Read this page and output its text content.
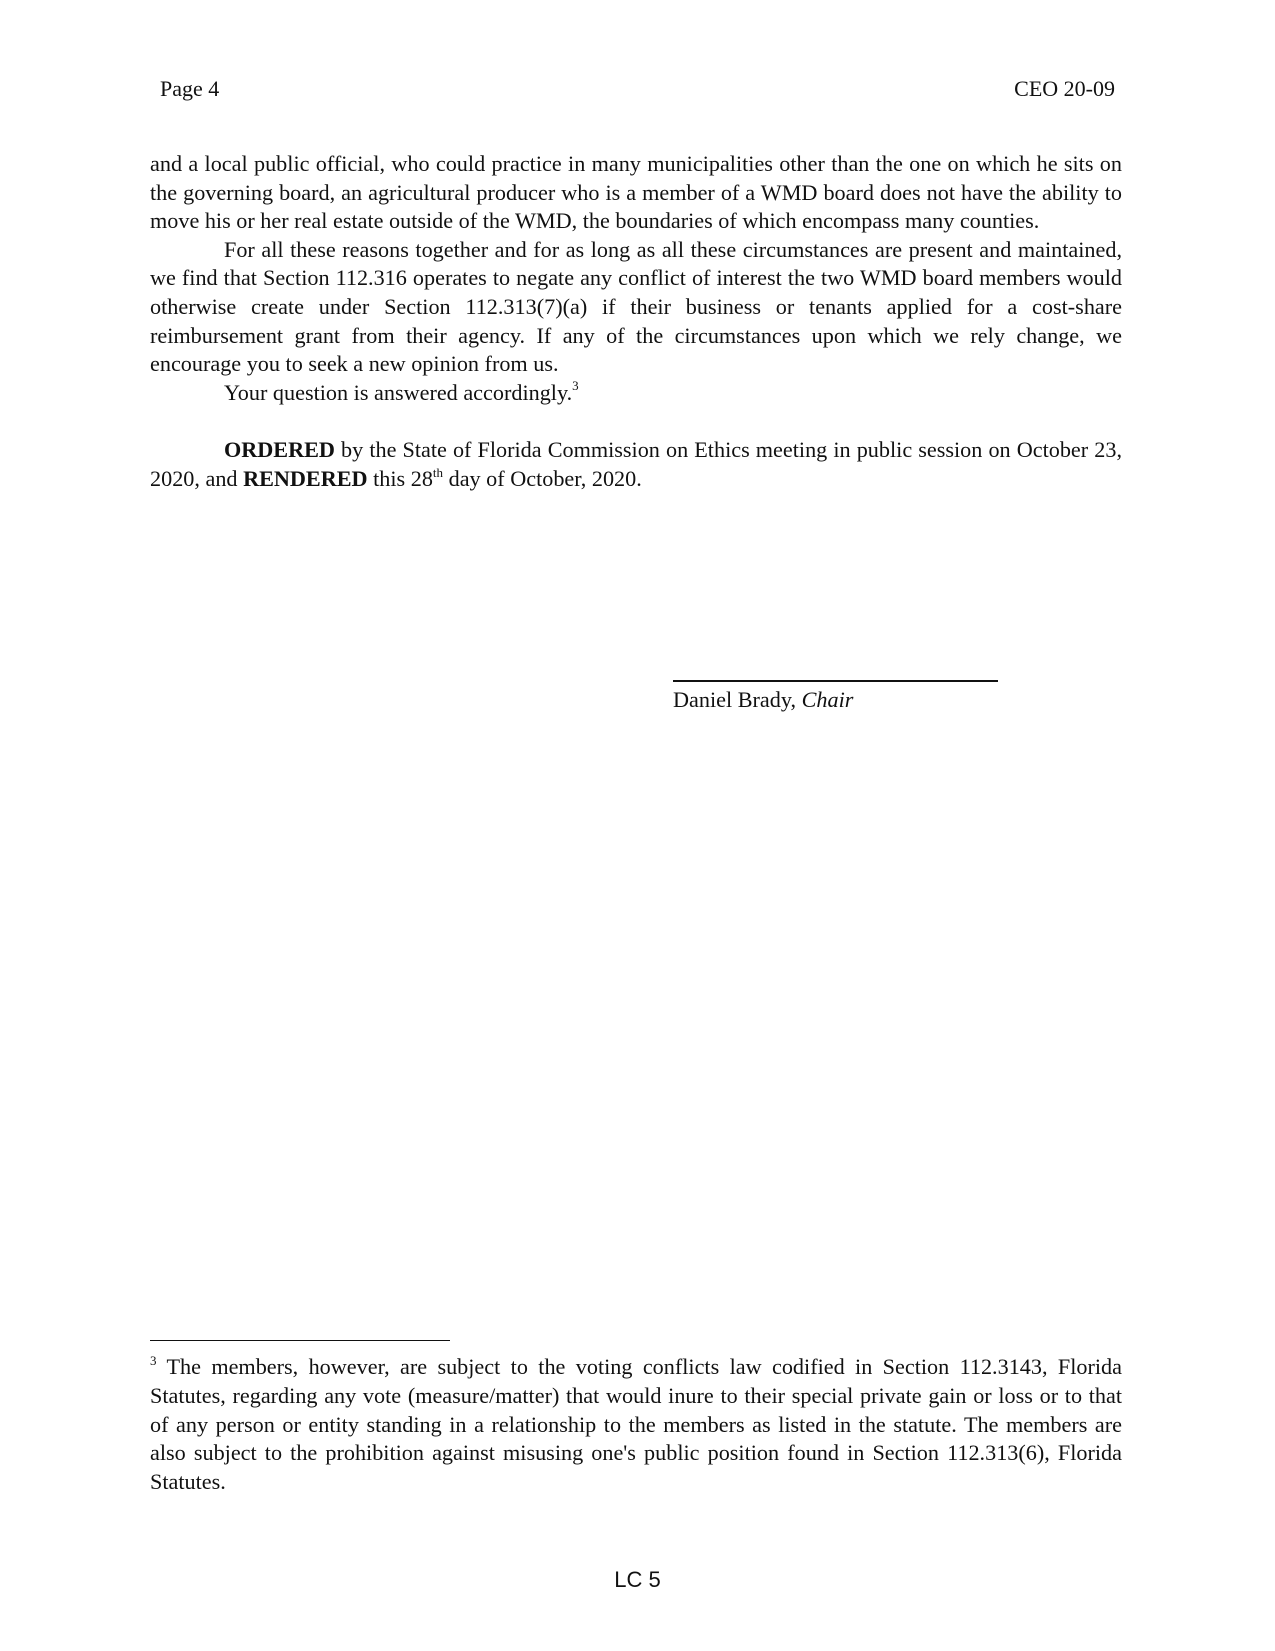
Page 4	CEO 20-09

and a local public official, who could practice in many municipalities other than the one on which he sits on the governing board, an agricultural producer who is a member of a WMD board does not have the ability to move his or her real estate outside of the WMD, the boundaries of which encompass many counties.

For all these reasons together and for as long as all these circumstances are present and maintained, we find that Section 112.316 operates to negate any conflict of interest the two WMD board members would otherwise create under Section 112.313(7)(a) if their business or tenants applied for a cost-share reimbursement grant from their agency. If any of the circumstances upon which we rely change, we encourage you to seek a new opinion from us.

Your question is answered accordingly.$^3$

ORDERED by the State of Florida Commission on Ethics meeting in public session on October 23, 2020, and RENDERED this 28th day of October, 2020.

Daniel Brady, Chair

$^3$ The members, however, are subject to the voting conflicts law codified in Section 112.3143, Florida Statutes, regarding any vote (measure/matter) that would inure to their special private gain or loss or to that of any person or entity standing in a relationship to the members as listed in the statute. The members are also subject to the prohibition against misusing one's public position found in Section 112.313(6), Florida Statutes.

LC 5
